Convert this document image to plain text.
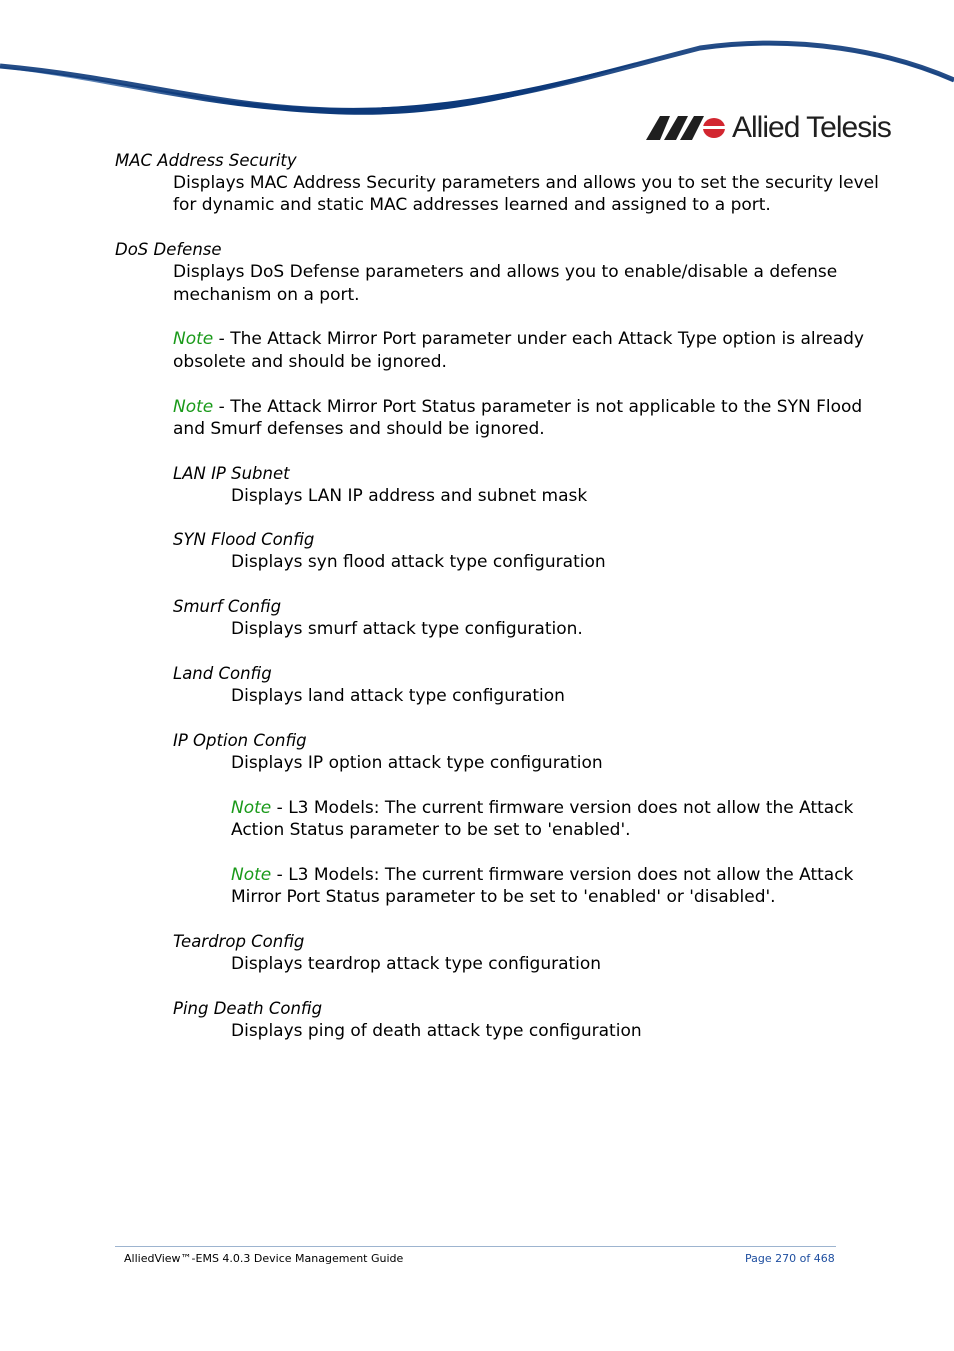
Allied Telesis
MAC Address Security
Displays MAC Address Security parameters and allows you to set the security level
for dynamic and static MAC addresses learned and assigned to a port.
DoS Defense
Displays DoS Defense parameters and allows you to enable/disable a defense
mechanism on a port.
Note - The Attack Mirror Port parameter under each Attack Type option is already
obsolete and should be ignored.
Note - The Attack Mirror Port Status parameter is not applicable to the SYN Flood
and Smurf defenses and should be ignored.
LAN IP Subnet
Displays LAN IP address and subnet mask
SYN Flood Config
Displays syn flood attack type configuration
Smurf Config
Displays smurf attack type configuration.
Land Config
Displays land attack type configuration
IP Option Config
Displays IP option attack type configuration
Note - L3 Models: The current firmware version does not allow the Attack
Action Status parameter to be set to 'enabled'.
Note - L3 Models: The current firmware version does not allow the Attack
Mirror Port Status parameter to be set to 'enabled' or 'disabled'.
Teardrop Config
Displays teardrop attack type configuration
Ping Death Config
Displays ping of death attack type configuration
AlliedView™-EMS 4.0.3 Device Management Guide	Page 270 of 468
